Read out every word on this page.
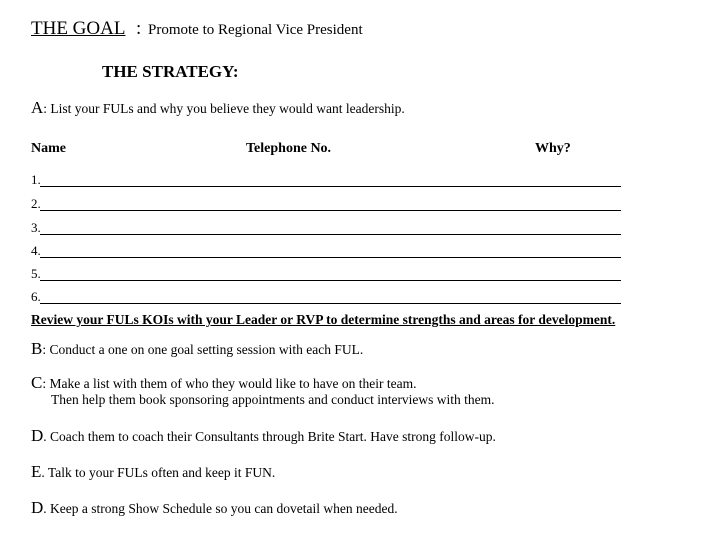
THE GOAL : Promote to Regional Vice President
THE STRATEGY:
A: List your FULs and why you believe they would want leadership.
Name	Telephone No.	Why?
1.
2.
3.
4.
5.
6.
Review your FULs KOIs with your Leader or RVP to determine strengths and areas for development.
B: Conduct a one on one goal setting session with each FUL.
C: Make a list with them of who they would like to have on their team.
Then help them book sponsoring appointments and conduct interviews with them.
D. Coach them to coach their Consultants through Brite Start. Have strong follow-up.
E. Talk to your FULs often and keep it FUN.
D. Keep a strong Show Schedule so you can dovetail when needed.
